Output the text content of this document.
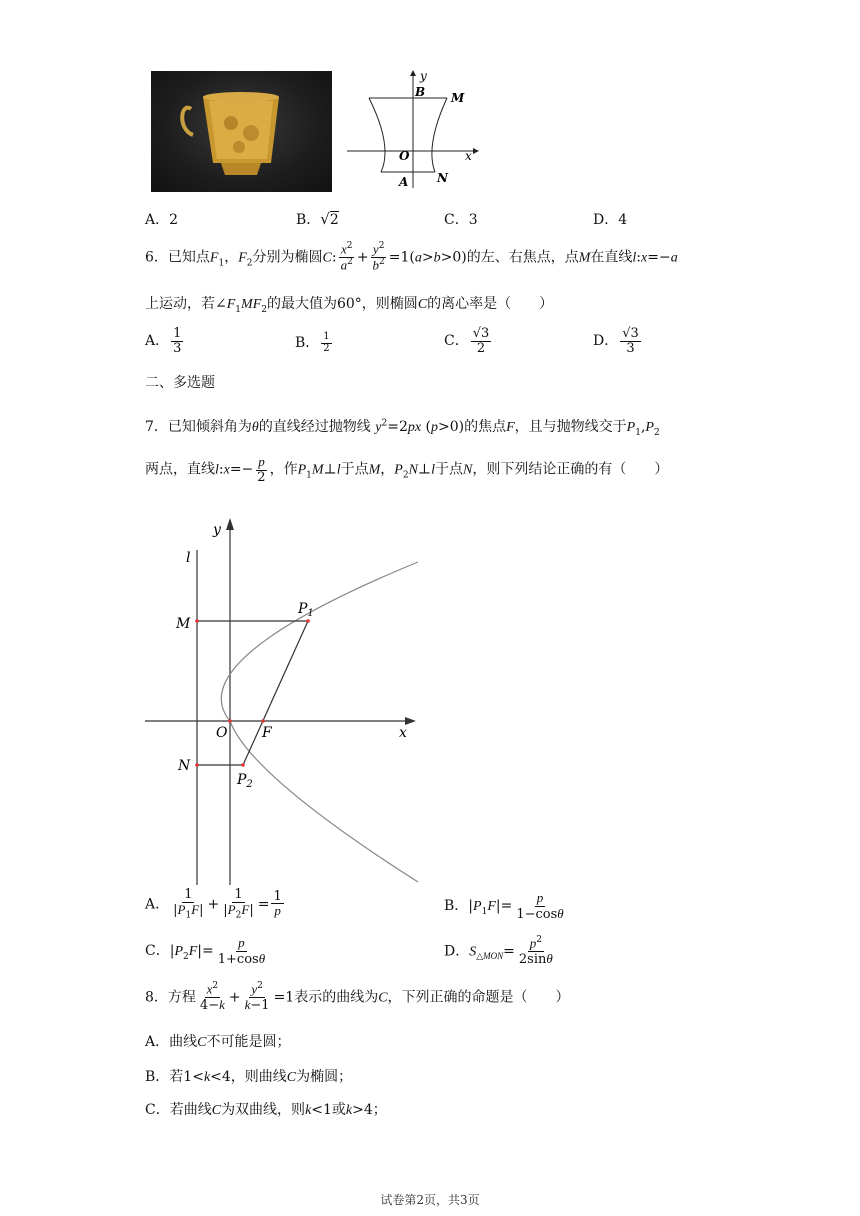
y
B M
O	x
A N
A．2	B．√2	C．3	D．4
6．已知点$F_1$，$F_2$分别为椭圆C: $\frac{x^2}{a^2} + \frac{y^2}{b^2} =1(a>b>0)$的左、右焦点，点M在直线l:x=−a
上运动，若$\angle F_1MF_2$的最大值为60°，则椭圆C的离心率是（　　）
A． $\frac{1}{3}$	B． $\frac{1}{2}$	C． $\frac{√3}{2}$	D． $\frac{√3}{3}$
二、多选题
7．已知倾斜角为θ的直线经过抛物线 $y^2=2px$ (p>0)的焦点F，且与抛物线交于$P_1,P_2$
两点，直线l:x=− $\frac{p}{2}$ ，作$P_1M\perp l$于点M，$P_2N\perp l$于点N，则下列结论正确的有（　　）
y
l
M
$P_1$
O F	x
N
$P_2$
A． $\frac{1}{|P_1F|} + \frac{1}{|P_2F|} = \frac{1}{p}$	B．$|P_1F|= \frac{p}{1-\cos\theta}$
C．$|P_2F|= \frac{p}{1+\cos\theta}$	D．$S_{\triangle MON}= \frac{p^2}{2\sin\theta}$
8．方程 $\frac{x^2}{4-k} + \frac{y^2}{k-1} =1$表示的曲线为C，下列正确的命题是（　　）
A．曲线C不可能是圆；
B．若1<k<4，则曲线C为椭圆；
C．若曲线C为双曲线，则k<1或k>4；
试卷第2页，共3页
